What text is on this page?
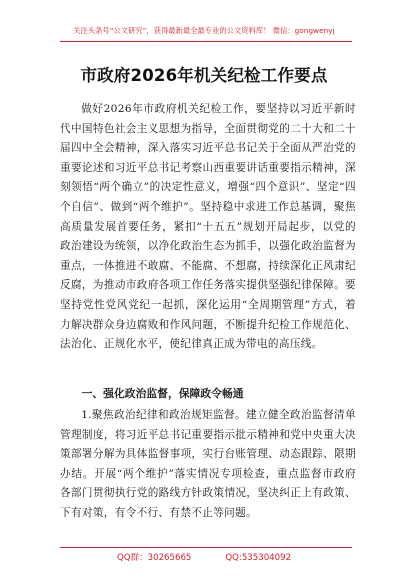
关注头条号“公文研究”，获得最新最全最专业的公文资料库！ 微信：gongwenyj
市政府2026年机关纪检工作要点

做好2026年市政府机关纪检工作，要坚持以习近平新时代中国特色社会主义思想为指导，全面贯彻党的二十大和二十届四中全会精神，深入落实习近平总书记关于全面从严治党的重要论述和习近平总书记考察山西重要讲话重要指示精神，深刻领悟“两个确立”的决定性意义，增强“四个意识”、坚定“四个自信”、做到“两个维护”。坚持稳中求进工作总基调，聚焦高质量发展首要任务，紧扣“十五五”规划开局起步，以党的政治建设为统领，以净化政治生态为抓手，以强化政治监督为重点，一体推进不敢腐、不能腐、不想腐，持续深化正风肃纪反腐，为推动市政府各项工作任务落实提供坚强纪律保障。要坚持党性党风党纪一起抓，深化运用“全周期管理”方式，着力解决群众身边腐败和作风问题，不断提升纪检工作规范化、法治化、正规化水平，使纪律真正成为带电的高压线。

一、强化政治监督，保障政令畅通

1.聚焦政治纪律和政治规矩监督。建立健全政治监督清单管理制度，将习近平总书记重要指示批示精神和党中央重大决策部署分解为具体监督事项，实行台账管理、动态跟踪、限期办结。开展“两个维护”落实情况专项检查，重点监督市政府各部门贯彻执行党的路线方针政策情况，坚决纠正上有政策、下有对策，有令不行、有禁不止等问题。

QQ群：30265665	QQ:535304092
